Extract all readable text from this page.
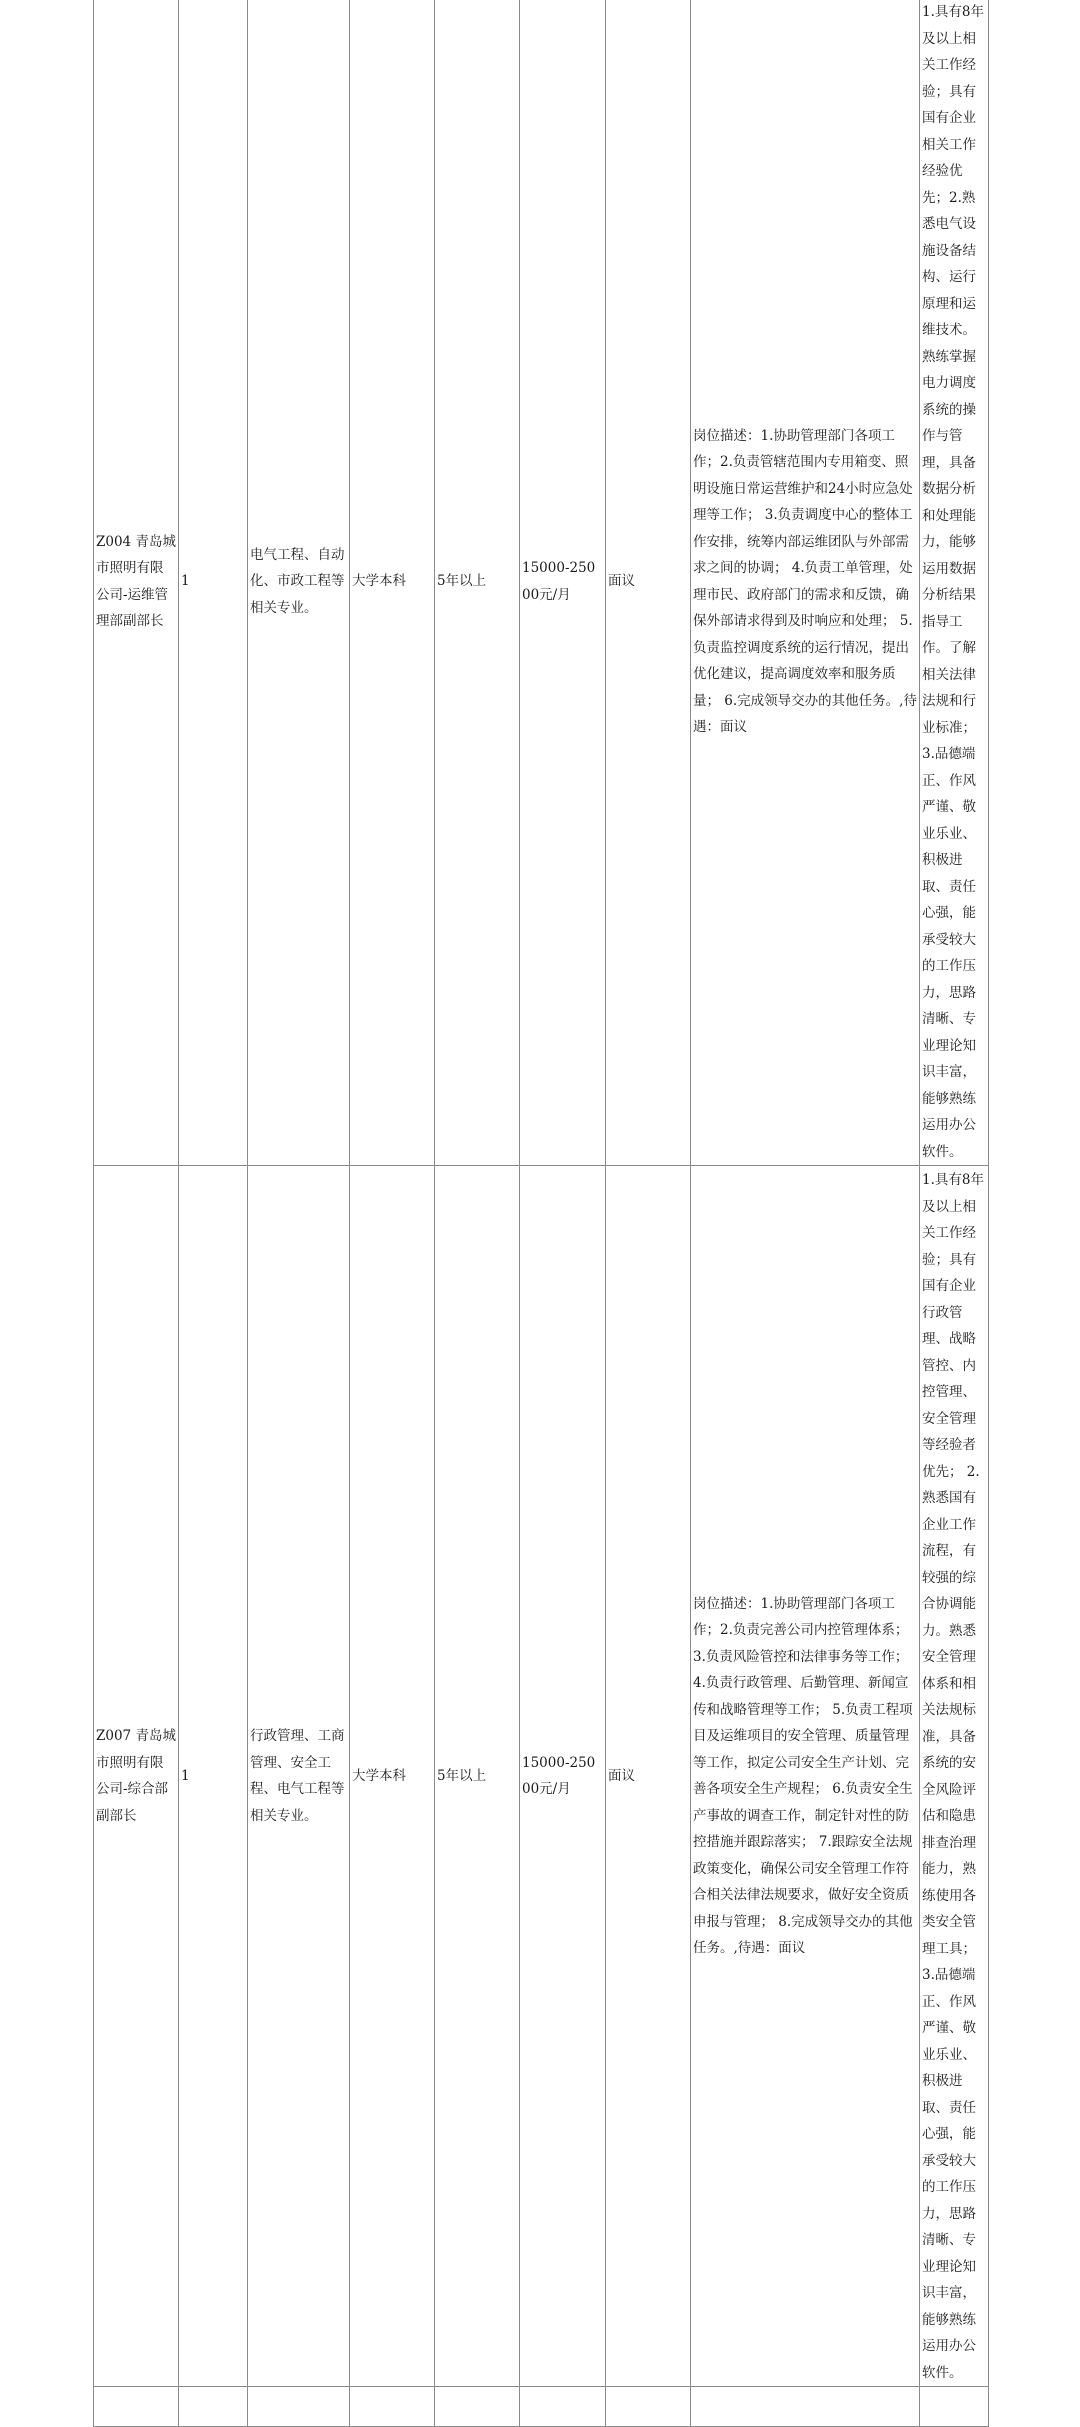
Z004 青岛城市照明有限公司-运维管理部副部长	1	电气工程、自动化、市政工程等相关专业。	大学本科	5年以上	15000-25000元/月	面议	岗位描述：1.协助管理部门各项工作；2.负责管辖范围内专用箱变、照明设施日常运营维护和24小时应急处理等工作； 3.负责调度中心的整体工作安排，统筹内部运维团队与外部需求之间的协调； 4.负责工单管理，处理市民、政府部门的需求和反馈，确保外部请求得到及时响应和处理； 5.负责监控调度系统的运行情况，提出优化建议，提高调度效率和服务质量； 6.完成领导交办的其他任务。,待遇：面议	1.具有8年及以上相关工作经验；具有国有企业相关工作经验优先；2.熟悉电气设施设备结构、运行原理和运维技术。熟练掌握电力调度系统的操作与管理，具备数据分析和处理能力，能够运用数据分析结果指导工作。了解相关法律法规和行业标准；3.品德端正、作风严谨、敬业乐业、积极进取、责任心强，能承受较大的工作压力，思路清晰、专业理论知识丰富，能够熟练运用办公软件。
Z007 青岛城市照明有限公司-综合部副部长	1	行政管理、工商管理、安全工程、电气工程等相关专业。	大学本科	5年以上	15000-25000元/月	面议	岗位描述：1.协助管理部门各项工作；2.负责完善公司内控管理体系； 3.负责风险管控和法律事务等工作； 4.负责行政管理、后勤管理、新闻宣传和战略管理等工作； 5.负责工程项目及运维项目的安全管理、质量管理等工作，拟定公司安全生产计划、完善各项安全生产规程； 6.负责安全生产事故的调查工作，制定针对性的防控措施并跟踪落实； 7.跟踪安全法规政策变化，确保公司安全管理工作符合相关法律法规要求，做好安全资质申报与管理； 8.完成领导交办的其他任务。,待遇：面议	1.具有8年及以上相关工作经验；具有国有企业行政管理、战略管控、内控管理、安全管理等经验者优先； 2.熟悉国有企业工作流程，有较强的综合协调能力。熟悉安全管理体系和相关法规标准，具备系统的安全风险评估和隐患排查治理能力，熟练使用各类安全管理工具； 3.品德端正、作风严谨、敬业乐业、积极进取、责任心强，能承受较大的工作压力，思路清晰、专业理论知识丰富，能够熟练运用办公软件。
